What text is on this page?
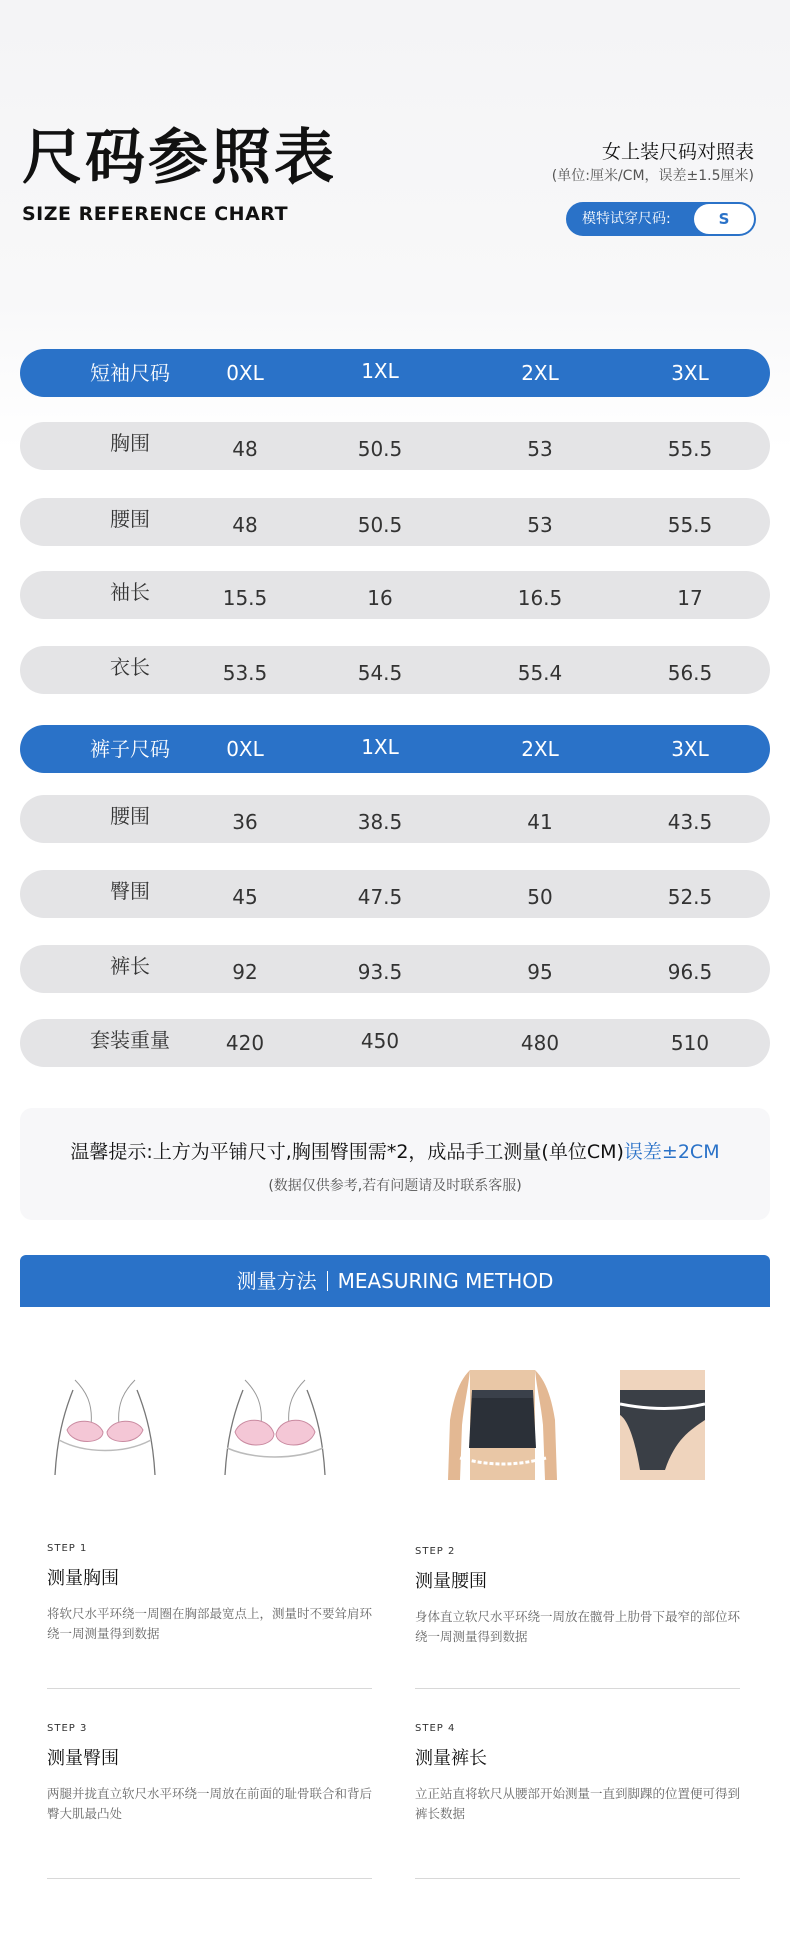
尺码参照表
SIZE REFERENCE CHART
女上装尺码对照表
(单位:厘米/CM，误差±1.5厘米)
模特试穿尺码:	S
短袖尺码	0XL	1XL	2XL	3XL
胸围	48	50.5	53	55.5
腰围	48	50.5	53	55.5
袖长	15.5	16	16.5	17
衣长	53.5	54.5	55.4	56.5
裤子尺码	0XL	1XL	2XL	3XL
腰围	36	38.5	41	43.5
臀围	45	47.5	50	52.5
裤长	92	93.5	95	96.5
套装重量	420	450	480	510
温馨提示:上方为平铺尺寸,胸围臀围需*2，成品手工测量(单位CM)误差±2CM
(数据仅供参考,若有问题请及时联系客服)
测量方法 MEASURING METHOD
STEP 1
测量胸围
将软尺水平环绕一周圈在胸部最宽点上，测量时不要耸肩环绕一周测量得到数据
STEP 2
测量腰围
身体直立软尺水平环绕一周放在髋骨上肋骨下最窄的部位环绕一周测量得到数据
STEP 3
测量臀围
两腿并拢直立软尺水平环绕一周放在前面的耻骨联合和背后臀大肌最凸处
STEP 4
测量裤长
立正站直将软尺从腰部开始测量一直到脚踝的位置便可得到裤长数据
